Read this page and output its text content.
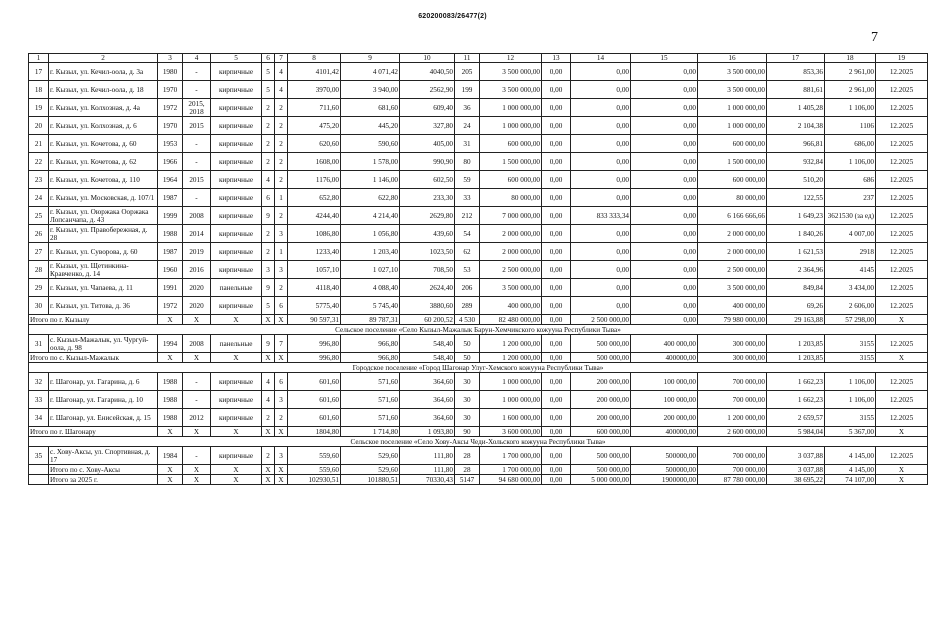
620200083/26477(2)
7
1	2	3	4	5	6	7	8	9	10	11	12	13	14	15	16	17	18	19
17	г. Кызыл, ул. Кечил-оола, д. 3а	1980	-	кирпичные	5	4	4101,42	4 071,42	4040,50	205	3 500 000,00	0,00	0,00	0,00	3 500 000,00	853,36	2 961,00	12.2025
18	г. Кызыл, ул. Кечил-оола, д. 18	1970	-	кирпичные	5	4	3970,00	3 940,00	2562,90	199	3 500 000,00	0,00	0,00	0,00	3 500 000,00	881,61	2 961,00	12.2025
19	г. Кызыл, ул. Колхозная, д. 4а	1972	2015, 2018	кирпичные	2	2	711,60	681,60	609,40	36	1 000 000,00	0,00	0,00	0,00	1 000 000,00	1 405,28	1 106,00	12.2025
20	г. Кызыл, ул. Колхозная, д. 6	1970	2015	кирпичные	2	2	475,20	445,20	327,80	24	1 000 000,00	0,00	0,00	0,00	1 000 000,00	2 104,38	1106	12.2025
21	г. Кызыл, ул. Кочетова, д. 60	1953	-	кирпичные	2	2	620,60	590,60	405,00	31	600 000,00	0,00	0,00	0,00	600 000,00	966,81	686,00	12.2025
22	г. Кызыл, ул. Кочетова, д. 62	1966	-	кирпичные	2	2	1608,00	1 578,00	990,90	80	1 500 000,00	0,00	0,00	0,00	1 500 000,00	932,84	1 106,00	12.2025
23	г. Кызыл, ул. Кочетова, д. 110	1964	2015	кирпичные	4	2	1176,00	1 146,00	602,50	59	600 000,00	0,00	0,00	0,00	600 000,00	510,20	686	12.2025
24	г. Кызыл, ул. Московская, д. 107/1	1987	-	кирпичные	6	1	652,80	622,80	233,30	33	80 000,00	0,00	0,00	0,00	80 000,00	122,55	237	12.2025
25	г. Кызыл, ул. Оюржака Ооржака Лопсанчапа, д. 43	1999	2008	кирпичные	9	2	4244,40	4 214,40	2629,80	212	7 000 000,00	0,00	833 333,34	0,00	6 166 666,66	1 649,23	3621530 (за ед)	12.2025
26	г. Кызыл, ул. Правобережная, д. 28	1988	2014	кирпичные	2	3	1086,80	1 056,80	439,60	54	2 000 000,00	0,00	0,00	0,00	2 000 000,00	1 840,26	4 007,00	12.2025
27	г. Кызыл, ул. Суворова, д. 60	1987	2019	кирпичные	2	1	1233,40	1 203,40	1023,50	62	2 000 000,00	0,00	0,00	0,00	2 000 000,00	1 621,53	2918	12.2025
28	г. Кызыл, ул. Щетинкина-Кравченко, д. 14	1960	2016	кирпичные	3	3	1057,10	1 027,10	708,50	53	2 500 000,00	0,00	0,00	0,00	2 500 000,00	2 364,96	4145	12.2025
29	г. Кызыл, ул. Чапаева, д. 11	1991	2020	панельные	9	2	4118,40	4 088,40	2624,40	206	3 500 000,00	0,00	0,00	0,00	3 500 000,00	849,84	3 434,00	12.2025
30	г. Кызыл, ул. Титова, д. 36	1972	2020	кирпичные	5	6	5775,40	5 745,40	3880,60	289	400 000,00	0,00	0,00	0,00	400 000,00	69,26	2 606,00	12.2025
Итого по г. Кызылу		X	X	X	X	X	90 597,31	89 787,31	60 200,52	4 530	82 480 000,00	0,00	2 500 000,00	0,00	79 980 000,00	29 163,88	57 298,00	X
Сельское поселение «Село Кызыл-Мажалык Барун-Хемчикского кожууна Республики Тыва»																		
31	с. Кызыл-Мажалык, ул. Чургуй-оола, д. 98	1994	2008	панельные	9	7	996,80	966,80	548,40	50	1 200 000,00	0,00	500 000,00	400 000,00	300 000,00	1 203,85	3155	12.2025
Итого по с. Кызыл-Мажалык		X	X	X	X	X	996,80	966,80	548,40	50	1 200 000,00	0,00	500 000,00	400000,00	300 000,00	1 203,85	3155	X
Городское поселение «Город Шагонар Улуг-Хемского кожууна Республики Тыва»																		
32	г. Шагонар, ул. Гагарина, д. 6	1988	-	кирпичные	4	6	601,60	571,60	364,60	30	1 000 000,00	0,00	200 000,00	100 000,00	700 000,00	1 662,23	1 106,00	12.2025
33	г. Шагонар, ул. Гагарина, д. 10	1988	-	кирпичные	4	3	601,60	571,60	364,60	30	1 000 000,00	0,00	200 000,00	100 000,00	700 000,00	1 662,23	1 106,00	12.2025
34	г. Шагонар, ул. Енисейская, д. 15	1988	2012	кирпичные	2	2	601,60	571,60	364,60	30	1 600 000,00	0,00	200 000,00	200 000,00	1 200 000,00	2 659,57	3155	12.2025
Итого по г. Шагонару		X	X	X	X	X	1804,80	1 714,80	1 093,80	90	3 600 000,00	0,00	600 000,00	400000,00	2 600 000,00	5 984,04	5 367,00	X
Сельское поселение «Село Хову-Аксы Чеди-Хольского кожууна Республики Тыва»																		
35	с. Хову-Аксы, ул. Спортивная, д. 17	1984	-	кирпичные	2	3	559,60	529,60	111,80	28	1 700 000,00	0,00	500 000,00	500000,00	700 000,00	3 037,88	4 145,00	12.2025
	Итого по с. Хову-Аксы	X	X	X	X	X	559,60	529,60	111,80	28	1 700 000,00	0,00	500 000,00	500000,00	700 000,00	3 037,88	4 145,00	X
	Итого за 2025 г.	X	X	X	X	X	102930,51	101880,51	70330,43	5147	94 680 000,00	0,00	5 000 000,00	1900000,00	87 780 000,00	38 695,22	74 107,00	X
